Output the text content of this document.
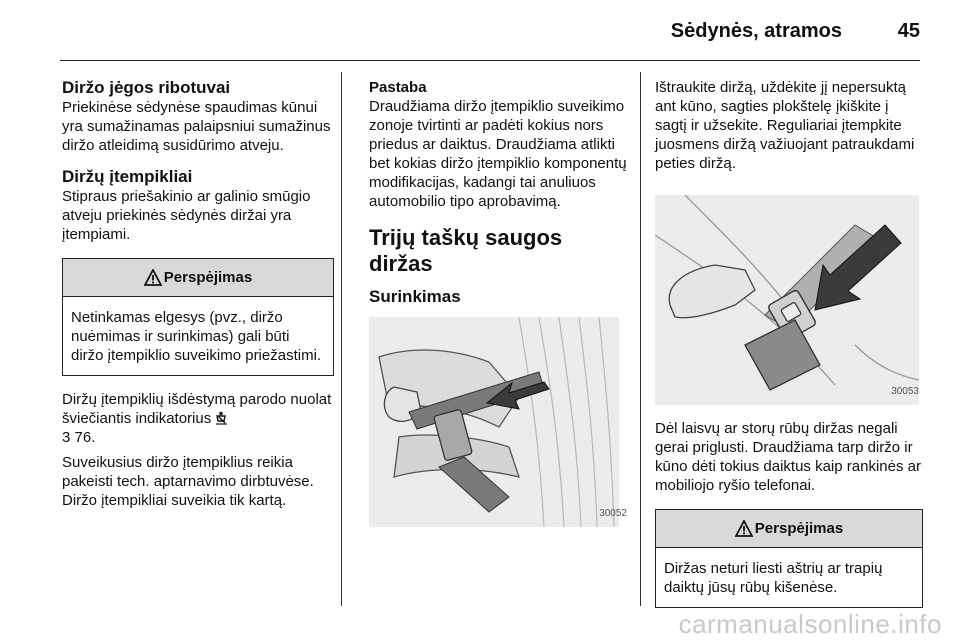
Sėdynės, atramos	45
Diržo jėgos ribotuvai

Priekinėse sėdynėse spaudimas kūnui yra sumažinamas palaipsniui sumažinus diržo atleidimą susidūrimo atveju.

Diržų įtempikliai

Stipraus priešakinio ar galinio smūgio atveju priekinės sėdynės diržai yra įtempiami.

Perspėjimas
Netinkamas elgesys (pvz., diržo nuėmimas ir surinkimas) gali būti diržo įtempiklio suveikimo priežastimi.

Diržų įtempiklių išdėstymą parodo nuolat šviečiantis indikatorius
3 76.

Suveikusius diržo įtempiklius reikia pakeisti tech. aptarnavimo dirbtuvėse. Diržo įtempikliai suveikia tik kartą.

Pastaba

Draudžiama diržo įtempiklio suveikimo zonoje tvirtinti ar padėti kokius nors priedus ar daiktus. Draudžiama atlikti bet kokias diržo įtempiklio komponentų modifikacijas, kadangi tai anuliuos automobilio tipo aprobavimą.

Trijų taškų saugos diržas
Surinkimas
30052

Ištraukite diržą, uždėkite jį nepersuktą ant kūno, sagties plokštelę įkiškite į sagtį ir užsekite. Reguliariai įtempkite juosmens diržą važiuojant patraukdami peties diržą.

30053

Dėl laisvų ar storų rūbų diržas negali gerai priglusti. Draudžiama tarp diržo ir kūno dėti tokius daiktus kaip rankinės ar mobiliojo ryšio telefonai.

Perspėjimas
Diržas neturi liesti aštrių ar trapių daiktų jūsų rūbų kišenėse.
carmanualsonline.info
